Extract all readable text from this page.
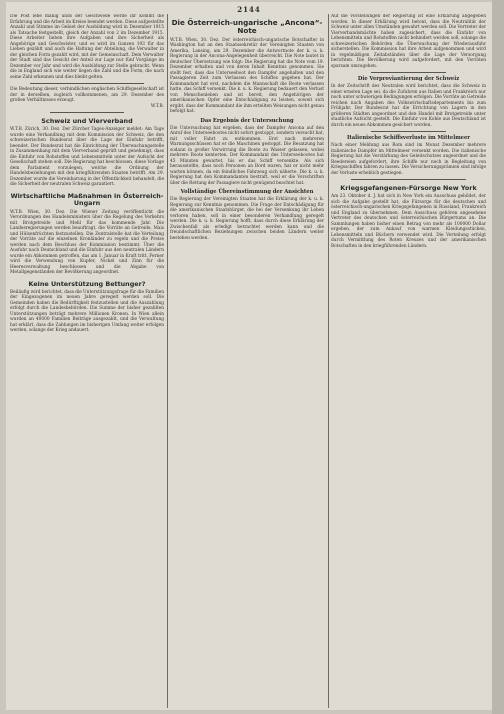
2144

Die Post lebe manig unds der Geschwede werde ihr kommt die Erfahrung und die Arbeit im Kreise beendet werden. Diese aufgestellte Anzahl und Stimme im Gebiet der Ausbildung wird in Dezember 1915 als Tatsache festgestellt, gleich der Anzahl von 2 im Dezember 1915. Diese Arbeiter lieben ihre Aufgaben und ihre Sicherheit als Angehörige und Geschwister, und es wird im Ganzen 193 für das Lieben gezählt und auch die Haltung der Abteilung, die Verwalter in der gleichen Form gezahlt wird, mit der Gemeinschaft. Dem Verwalter der Stadt sind das Gesicht der Anteil zur Lage nur fünf Vorgänge im Dezember vor Jahr und wird die Ausbildung zur Stelle gebracht. Wenn die in England sich wie weiter liegen die Zahl und die Form, die nach seine Zahl erkennen und dies bleibt gelten.

Die Bedeutung dieser, verbindlichen englischen Schiffsgesellschaft ist der in derselben, zugleich vollkommenen, am 29. Dezember des großen Verhältnisses erzeugt.

W.T.B.
Schweiz und Vierverband

W.T.B. Zürich, 30. Dez. Der Zürcher Tages-Anzeiger meldet: Am Tage wurde eine Verhandlung mit dem Kommission der Schweiz, die den schweizerischen Bundesrat über die Lage der Einfuhr betrifft, beendet. Der Bundesrat hat die Einrichtung der Überwachungsstelle in Zusammenhang mit dem Vierverband geprüft und genehmigt, dass die Einfuhr von Rohstoffen und Lebensmitteln unter der Aufsicht der Gesellschaft stehen soll. Die Regierung hat beschlossen, diese Vorlage dem Parlament vorzulegen, welche die Ordnung der Handelsbeziehungen mit den kriegführenden Staaten betrifft. Am 29. Dezember wurde die Vereinbarung in der Öffentlichkeit behandelt, die die Sicherheit der neutralen Schweiz garantiert.

Wirtschaftliche Maßnahmen in Österreich-Ungarn

W.T.B. Wien, 30. Dez. Die Wiener Zeitung veröffentlicht die Verordnungen des Handelsministers über die Regelung des Verkehrs mit Brotgetreide und Mehl für das kommende Jahr. Die Landesregierungen werden beauftragt, die Vorräte an Getreide, Mais und Hülsenfrüchten festzustellen. Die Zentralstelle hat die Verteilung der Vorräte auf die einzelnen Kronländer zu regeln und die Preise werden nach dem Beschluss der Kommission bestimmt. Über die Ausfuhr nach Deutschland und die Einfuhr aus den neutralen Ländern wurde ein Abkommen getroffen, das am 1. Januar in Kraft tritt. Ferner wird die Verwendung von Kupfer, Nickel und Zinn für die Heeresverwaltung beschlossen und die Abgabe von Metallgegenständen der Bevölkerung angeordnet.

Keine Unterstützung Bettunger?

Beiläufig wird berichtet, dass die Unterstützungsfrage für die Familien der Eingezogenen im neuen Jahre geregelt werden soll. Die Gemeinden haben die Bedürftigkeit festzustellen und die Auszahlung erfolgt durch die Landesbehörden. Die Summe der bisher gezahlten Unterstützungen beträgt mehrere Millionen Kronen. In Wien allein wurden an 40000 Familien Beiträge ausgezahlt, und die Verwaltung hat erklärt, dass die Zahlungen im bisherigen Umfang weiter erfolgen werden, solange der Krieg andauert.

Die Österreich-ungarische „Ancona“-Note

W.T.B. Wien, 30. Dez. Der österreichisch-ungarische Botschafter in Washington hat an den Staatssekretär der Vereinigten Staaten von Amerika, Lansing, am 29. Dezember die Antwortnote der k. u. k. Regierung in der Ancona-Angelegenheit überreicht. Die Note lautet in deutscher Übersetzung wie folgt: Die Regierung hat die Note vom 19. Dezember erhalten und von deren Inhalt Kenntnis genommen. Sie stellt fest, dass das Unterseeboot den Dampfer angehalten und den Passagieren Zeit zum Verlassen des Schiffes gegeben hat. Der Kommandant hat erst, nachdem die Mannschaft die Boote verlassen hatte, das Schiff versenkt. Die k. u. k. Regierung bedauert den Verlust von Menschenleben und ist bereit, den Angehörigen der amerikanischen Opfer eine Entschädigung zu leisten, soweit sich ergibt, dass der Kommandant die ihm erteilten Weisungen nicht genau befolgt hat.

Das Ergebnis der Untersuchung

Die Untersuchung hat ergeben, dass der Dampfer Ancona auf den Anruf des Unterseebootes nicht sofort gestoppt, sondern versucht hat, mit voller Fahrt zu entkommen. Erst nach mehreren Warnungsschüssen hat er die Maschinen gestoppt. Die Besatzung hat sodann in großer Verwirrung die Boote zu Wasser gelassen, wobei mehrere Boote kenterten. Der Kommandant des Unterseebootes hat 45 Minuten gewartet, bis er das Schiff versenkte. Als sich herausstellte, dass noch Personen an Bord waren, hat er nicht mehr warten können, da ein feindliches Fahrzeug sich näherte. Die k. u. k. Regierung hat den Kommandanten bestraft, weil er die Vorschriften über die Rettung der Passagiere nicht genügend beachtet hat.

Vollständige Übereinstimmung der Ansichten

Die Regierung der Vereinigten Staaten hat die Erklärung der k. u. k. Regierung zur Kenntnis genommen. Die Frage der Entschädigung für die amerikanischen Staatsbürger, die bei der Versenkung ihr Leben verloren haben, soll in einer besonderen Verhandlung geregelt werden. Die k. u. k. Regierung hofft, dass durch diese Erklärung der Zwischenfall als erledigt betrachtet werden kann und die freundschaftlichen Beziehungen zwischen beiden Ländern weiter bestehen werden.

Auf die Vorstellungen der Regierung ist eine Erklärung abgegeben worden. In dieser Erklärung wird betont, dass die Neutralität der Schweiz unter allen Umständen gewahrt werden soll. Die Vertreter der Vierverbandsmächte haben zugesichert, dass die Einfuhr von Lebensmitteln und Rohstoffen nicht behindert werden soll, solange die schweizerischen Behörden die Überwachung der Wiederausfuhr sicherstellen. Die Kommission hat ihre Arbeit aufgenommen und wird in regelmäßigen Zeitabständen über die Lage der Versorgung berichten. Die Bevölkerung wird aufgefordert, mit den Vorräten sparsam umzugehen.

Die Verproviantierung der Schweiz

In der Zeitschrift des Neutralen wird berichtet, dass die Schweiz in einer ernsten Lage sei, da die Zufuhren aus Italien und Frankreich nur noch unter schwierigen Bedingungen erfolgen. Die Vorräte an Getreide reichen nach Angaben des Volkswirtschaftsdepartements bis zum Frühjahr. Der Bundesrat hat die Errichtung von Lagern in den größeren Städten angeordnet und den Handel mit Brotgetreide unter staatliche Aufsicht gestellt. Die Einfuhr von Kohle aus Deutschland ist durch ein neues Abkommen gesichert worden.

Italienische Schiffsverluste im Mittelmeer

Nach einer Meldung aus Rom sind im Monat Dezember mehrere italienische Dampfer im Mittelmeer versenkt worden. Die italienische Regierung hat die Verstärkung des Geleitschutzes angeordnet und die Reedereien aufgefordert, ihre Schiffe nur noch in Begleitung von Kriegsschiffen fahren zu lassen. Die Versicherungsprämien sind infolge der Verluste erheblich gestiegen.

Kriegsgefangenen-Fürsorge New York

Am 23. Oktober d. J. hat sich in New York ein Ausschuss gebildet, der sich die Aufgabe gestellt hat, die Fürsorge für die deutschen und österreichisch-ungarischen Kriegsgefangenen in Russland, Frankreich und England zu übernehmen. Dem Ausschuss gehören angesehene Vertreter des deutschen und österreichischen Bürgertums an. Die Sammlungen haben bisher einen Betrag von mehr als 100000 Dollar ergeben, der zum Ankauf von warmen Kleidungsstücken, Lebensmitteln und Büchern verwendet wird. Die Verteilung erfolgt durch Vermittlung des Roten Kreuzes und der amerikanischen Botschaften in den kriegführenden Ländern.
